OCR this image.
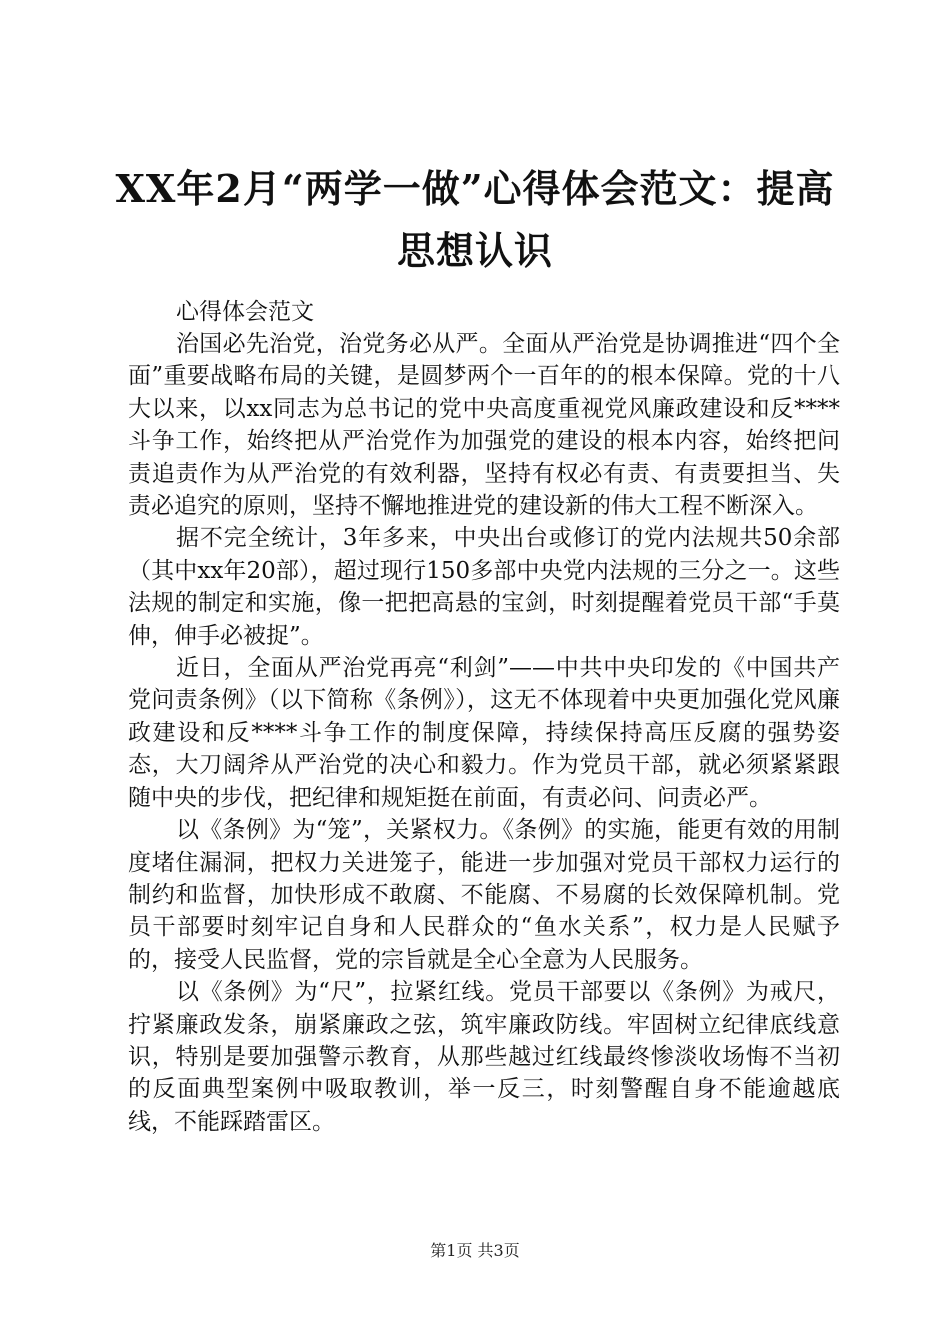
XX年2月“两学一做”心得体会范文：提高思想认识

心得体会范文

治国必先治党，治党务必从严。全面从严治党是协调推进“四个全面”重要战略布局的关键，是圆梦两个一百年的的根本保障。党的十八大以来，以xx同志为总书记的党中央高度重视党风廉政建设和反****斗争工作，始终把从严治党作为加强党的建设的根本内容，始终把问责追责作为从严治党的有效利器，坚持有权必有责、有责要担当、失责必追究的原则，坚持不懈地推进党的建设新的伟大工程不断深入。

据不完全统计，3年多来，中央出台或修订的党内法规共50余部（其中xx年20部），超过现行150多部中央党内法规的三分之一。这些法规的制定和实施，像一把把高悬的宝剑，时刻提醒着党员干部“手莫伸，伸手必被捉”。

近日，全面从严治党再亮“利剑”——中共中央印发的《中国共产党问责条例》（以下简称《条例》），这无不体现着中央更加强化党风廉政建设和反****斗争工作的制度保障，持续保持高压反腐的强势姿态，大刀阔斧从严治党的决心和毅力。作为党员干部，就必须紧紧跟随中央的步伐，把纪律和规矩挺在前面，有责必问、问责必严。

以《条例》为“笼”，关紧权力。《条例》的实施，能更有效的用制度堵住漏洞，把权力关进笼子，能进一步加强对党员干部权力运行的制约和监督，加快形成不敢腐、不能腐、不易腐的长效保障机制。党员干部要时刻牢记自身和人民群众的“鱼水关系”，权力是人民赋予的，接受人民监督，党的宗旨就是全心全意为人民服务。

以《条例》为“尺”，拉紧红线。党员干部要以《条例》为戒尺，拧紧廉政发条，崩紧廉政之弦，筑牢廉政防线。牢固树立纪律底线意识，特别是要加强警示教育，从那些越过红线最终惨淡收场悔不当初的反面典型案例中吸取教训，举一反三，时刻警醒自身不能逾越底线，不能踩踏雷区。

第1页 共3页
